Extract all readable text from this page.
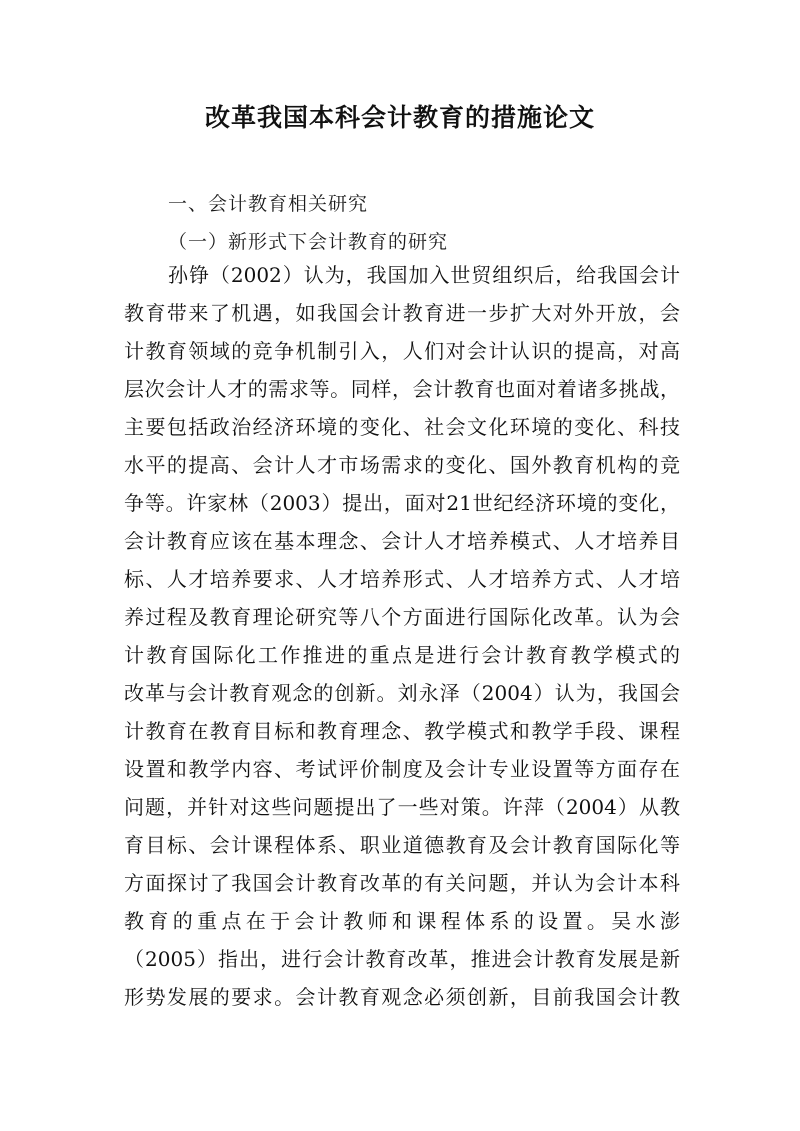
改革我国本科会计教育的措施论文
一、会计教育相关研究
（一）新形式下会计教育的研究
孙铮（2002）认为，我国加入世贸组织后，给我国会计
教育带来了机遇，如我国会计教育进一步扩大对外开放，会
计教育领域的竞争机制引入，人们对会计认识的提高，对高
层次会计人才的需求等。同样，会计教育也面对着诸多挑战，
主要包括政治经济环境的变化、社会文化环境的变化、科技
水平的提高、会计人才市场需求的变化、国外教育机构的竞
争等。许家林（2003）提出，面对21世纪经济环境的变化，
会计教育应该在基本理念、会计人才培养模式、人才培养目
标、人才培养要求、人才培养形式、人才培养方式、人才培
养过程及教育理论研究等八个方面进行国际化改革。认为会
计教育国际化工作推进的重点是进行会计教育教学模式的
改革与会计教育观念的创新。刘永泽（2004）认为，我国会
计教育在教育目标和教育理念、教学模式和教学手段、课程
设置和教学内容、考试评价制度及会计专业设置等方面存在
问题，并针对这些问题提出了一些对策。许萍（2004）从教
育目标、会计课程体系、职业道德教育及会计教育国际化等
方面探讨了我国会计教育改革的有关问题，并认为会计本科
教育的重点在于会计教师和课程体系的设置。吴水澎
（2005）指出，进行会计教育改革，推进会计教育发展是新
形势发展的要求。会计教育观念必须创新，目前我国会计教
